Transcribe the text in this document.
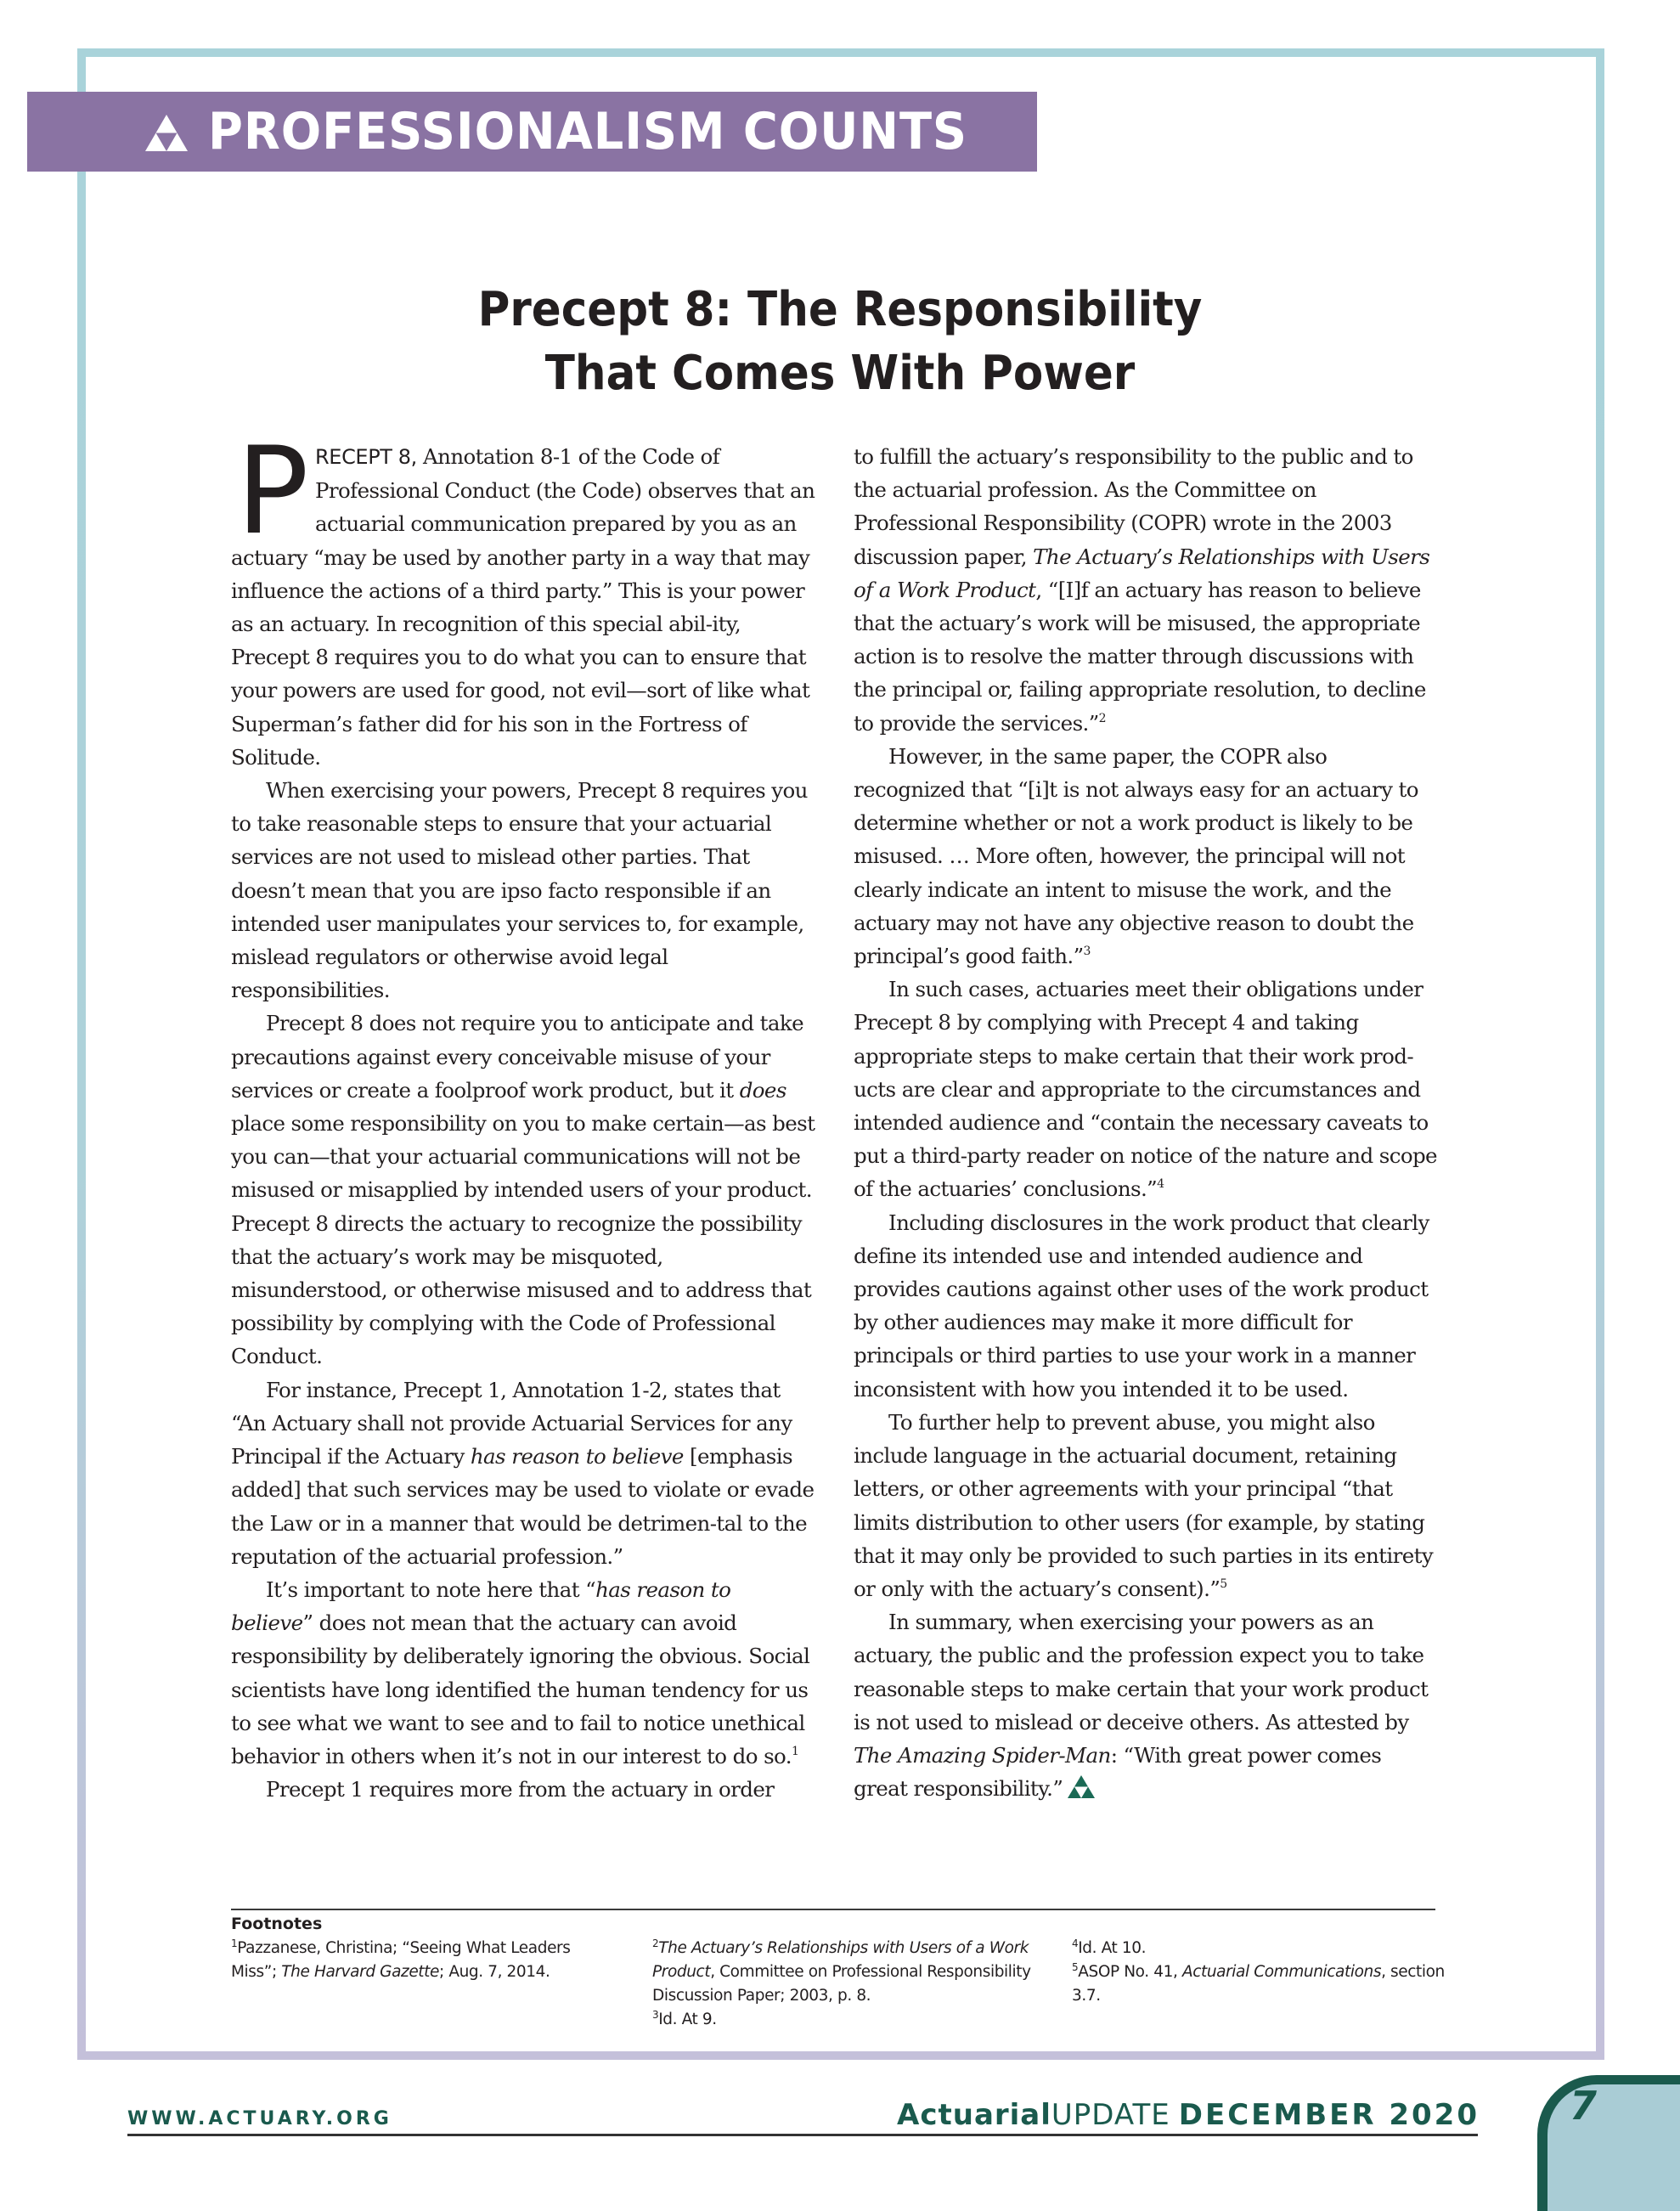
PROFESSIONALISM COUNTS
Precept 8: The Responsibility
That Comes With Power

PRECEPT 8, Annotation 8-1 of the Code of Professional Conduct (the Code) observes that an actuarial communication prepared by you as an actuary “may be used by another party in a way that may influence the actions of a third party.” This is your power as an actuary. In recognition of this special abil-ity, Precept 8 requires you to do what you can to ensure that your powers are used for good, not evil—sort of like what Superman’s father did for his son in the Fortress of Solitude.

When exercising your powers, Precept 8 requires you to take reasonable steps to ensure that your actuarial services are not used to mislead other parties. That doesn’t mean that you are ipso facto responsible if an intended user manipulates your services to, for example, mislead regulators or otherwise avoid legal responsibilities.

Precept 8 does not require you to anticipate and take precautions against every conceivable misuse of your services or create a foolproof work product, but it does place some responsibility on you to make certain—as best you can—that your actuarial communications will not be misused or misapplied by intended users of your product. Precept 8 directs the actuary to recognize the possibility that the actuary’s work may be misquoted, misunderstood, or otherwise misused and to address that possibility by complying with the Code of Professional Conduct.

For instance, Precept 1, Annotation 1-2, states that “An Actuary shall not provide Actuarial Services for any Principal if the Actuary has reason to believe [emphasis added] that such services may be used to violate or evade the Law or in a manner that would be detrimen-tal to the reputation of the actuarial profession.”

It’s important to note here that “has reason to believe” does not mean that the actuary can avoid responsibility by deliberately ignoring the obvious. Social scientists have long identified the human tendency for us to see what we want to see and to fail to notice unethical behavior in others when it’s not in our interest to do so.$^1$

Precept 1 requires more from the actuary in order

to fulfill the actuary’s responsibility to the public and to the actuarial profession. As the Committee on Professional Responsibility (COPR) wrote in the 2003 discussion paper, The Actuary’s Relationships with Users of a Work Product, “[I]f an actuary has reason to believe that the actuary’s work will be misused, the appropriate action is to resolve the matter through discussions with the principal or, failing appropriate resolution, to decline to provide the services.”$^2$

However, in the same paper, the COPR also recognized that “[i]t is not always easy for an actuary to determine whether or not a work product is likely to be misused. … More often, however, the principal will not clearly indicate an intent to misuse the work, and the actuary may not have any objective reason to doubt the principal’s good faith.”$^3$

In such cases, actuaries meet their obligations under Precept 8 by complying with Precept 4 and taking appropriate steps to make certain that their work prod-ucts are clear and appropriate to the circumstances and intended audience and “contain the necessary caveats to put a third-party reader on notice of the nature and scope of the actuaries’ conclusions.”$^4$

Including disclosures in the work product that clearly define its intended use and intended audience and provides cautions against other uses of the work product by other audiences may make it more difficult for principals or third parties to use your work in a manner inconsistent with how you intended it to be used.

To further help to prevent abuse, you might also include language in the actuarial document, retaining letters, or other agreements with your principal “that limits distribution to other users (for example, by stating that it may only be provided to such parties in its entirety or only with the actuary’s consent).”$^5$

In summary, when exercising your powers as an actuary, the public and the profession expect you to take reasonable steps to make certain that your work product is not used to mislead or deceive others. As attested by The Amazing Spider-Man: “With great power comes great responsibility.”

Footnotes
$^1$Pazzanese, Christina; “Seeing What Leaders Miss”; The Harvard Gazette; Aug. 7, 2014.
$^2$The Actuary’s Relationships with Users of a Work Product, Committee on Professional Responsibility Discussion Paper; 2003, p. 8.
$^3$Id. At 9.
$^4$Id. At 10.
$^5$ASOP No. 41, Actuarial Communications, section 3.7.
WWW.ACTUARY.ORG	ActuarialUPDATE DECEMBER 2020 7
